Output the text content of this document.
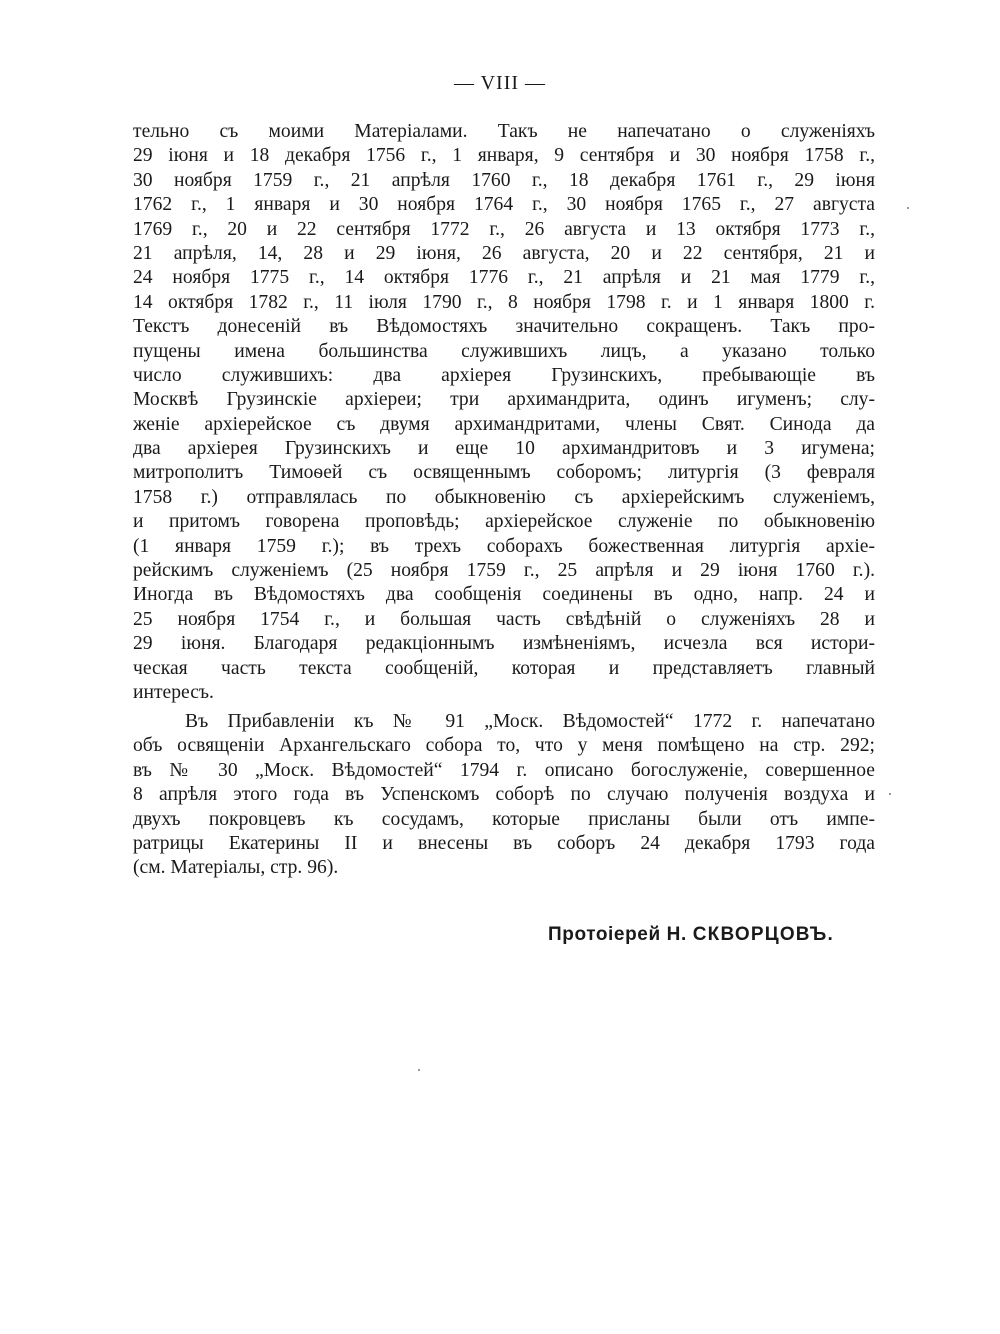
— VIII —
тельно съ моими Матеріалами. Такъ не напечатано о служеніяхъ
29 іюня и 18 декабря 1756 г., 1 января, 9 сентября и 30 ноября 1758 г.,
30 ноября 1759 г., 21 апрѣля 1760 г., 18 декабря 1761 г., 29 іюня
1762 г., 1 января и 30 ноября 1764 г., 30 ноября 1765 г., 27 августа
1769 г., 20 и 22 сентября 1772 г., 26 августа и 13 октября 1773 г.,
21 апрѣля, 14, 28 и 29 іюня, 26 августа, 20 и 22 сентября, 21 и
24 ноября 1775 г., 14 октября 1776 г., 21 апрѣля и 21 мая 1779 г.,
14 октября 1782 г., 11 іюля 1790 г., 8 ноября 1798 г. и 1 января 1800 г.
Текстъ донесеній въ Вѣдомостяхъ значительно сокращенъ. Такъ про-
пущены имена большинства служившихъ лицъ, а указано только
число служившихъ: два архіерея Грузинскихъ, пребывающіе въ
Москвѣ Грузинскіе архіереи; три архимандрита, одинъ игуменъ; слу-
женіе архіерейское съ двумя архимандритами, члены Свят. Синода да
два архіерея Грузинскихъ и еще 10 архимандритовъ и 3 игумена;
митрополитъ Тимоѳей съ освященнымъ соборомъ; литургія (3 февраля
1758 г.) отправлялась по обыкновенію съ архіерейскимъ служеніемъ,
и притомъ говорена проповѣдь; архіерейское служеніе по обыкновенію
(1 января 1759 г.); въ трехъ соборахъ божественная литургія архіе-
рейскимъ служеніемъ (25 ноября 1759 г., 25 апрѣля и 29 іюня 1760 г.).
Иногда въ Вѣдомостяхъ два сообщенія соединены въ одно, напр. 24 и
25 ноября 1754 г., и большая часть свѣдѣній о служеніяхъ 28 и
29 іюня. Благодаря редакціоннымъ измѣненіямъ, исчезла вся истори-
ческая часть текста сообщеній, которая и представляетъ главный
интересъ.
Въ Прибавленіи къ № 91 „Моск. Вѣдомостей“ 1772 г. напечатано
объ освященіи Архангельскаго собора то, что у меня помѣщено на стр. 292;
въ № 30 „Моск. Вѣдомостей“ 1794 г. описано богослуженіе, совершенное
8 апрѣля этого года въ Успенскомъ соборѣ по случаю полученія воздуха и
двухъ покровцевъ къ сосудамъ, которые присланы были отъ импе-
ратрицы Екатерины II и внесены въ соборъ 24 декабря 1793 года
(см. Матеріалы, стр. 96).
Протоіерей Н. СКВОРЦОВЪ.
